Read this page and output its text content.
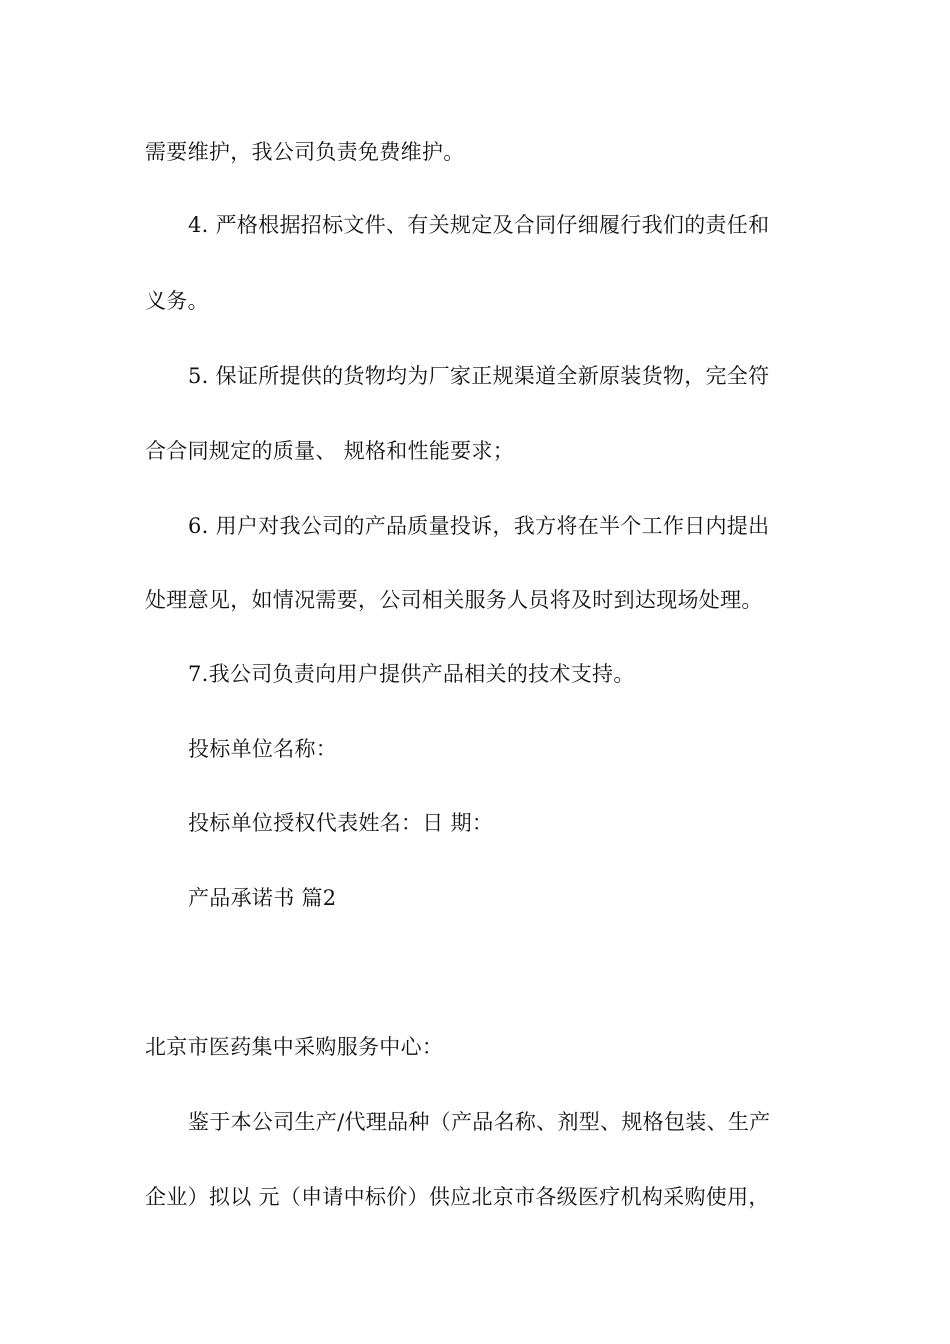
需要维护，我公司负责免费维护。
4. 严格根据招标文件、有关规定及合同仔细履行我们的责任和
义务。
5. 保证所提供的货物均为厂家正规渠道全新原装货物，完全符
合合同规定的质量、 规格和性能要求；
6. 用户对我公司的产品质量投诉，我方将在半个工作日内提出
处理意见，如情况需要，公司相关服务人员将及时到达现场处理。
7.我公司负责向用户提供产品相关的技术支持。
投标单位名称：
投标单位授权代表姓名：日 期：
产品承诺书 篇2
北京市医药集中采购服务中心：
鉴于本公司生产/代理品种（产品名称、剂型、规格包装、生产
企业）拟以 元（申请中标价）供应北京市各级医疗机构采购使用，
